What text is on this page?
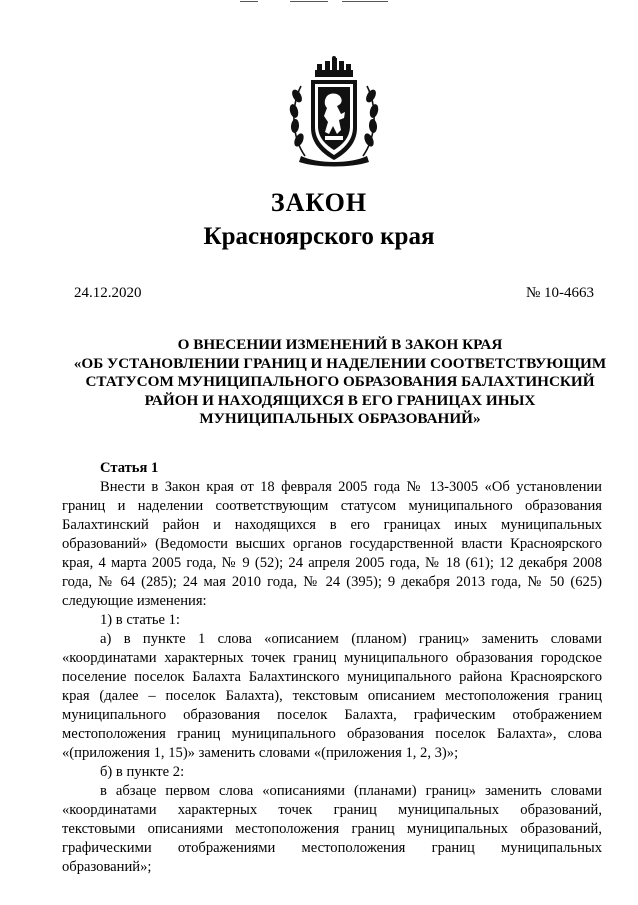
ЗАКОН
Красноярского края
24.12.2020	№ 10-4663
О ВНЕСЕНИИ ИЗМЕНЕНИЙ В ЗАКОН КРАЯ
«ОБ УСТАНОВЛЕНИИ ГРАНИЦ И НАДЕЛЕНИИ СООТВЕТСТВУЮЩИМ
СТАТУСОМ МУНИЦИПАЛЬНОГО ОБРАЗОВАНИЯ БАЛАХТИНСКИЙ
РАЙОН И НАХОДЯЩИХСЯ В ЕГО ГРАНИЦАХ ИНЫХ
МУНИЦИПАЛЬНЫХ ОБРАЗОВАНИЙ»
Статья 1
Внести в Закон края от 18 февраля 2005 года № 13-3005 «Об установлении
границ и наделении соответствующим статусом муниципального образования
Балахтинский район и находящихся в его границах иных муниципальных
образований» (Ведомости высших органов государственной власти Красноярского
края, 4 марта 2005 года, № 9 (52); 24 апреля 2005 года, № 18 (61); 12 декабря 2008
года, № 64 (285); 24 мая 2010 года, № 24 (395); 9 декабря 2013 года, № 50 (625)
следующие изменения:
1) в статье 1:
а) в пункте 1 слова «описанием (планом) границ» заменить словами
«координатами характерных точек границ муниципального образования городское
поселение поселок Балахта Балахтинского муниципального района Красноярского
края (далее – поселок Балахта), текстовым описанием местоположения границ
муниципального образования поселок Балахта, графическим отображением
местоположения границ муниципального образования поселок Балахта», слова
«(приложения 1, 15)» заменить словами «(приложения 1, 2, 3)»;
б) в пункте 2:
в абзаце первом слова «описаниями (планами) границ» заменить словами
«координатами характерных точек границ муниципальных образований,
текстовыми описаниями местоположения границ муниципальных образований,
графическими отображениями местоположения границ муниципальных
образований»;
